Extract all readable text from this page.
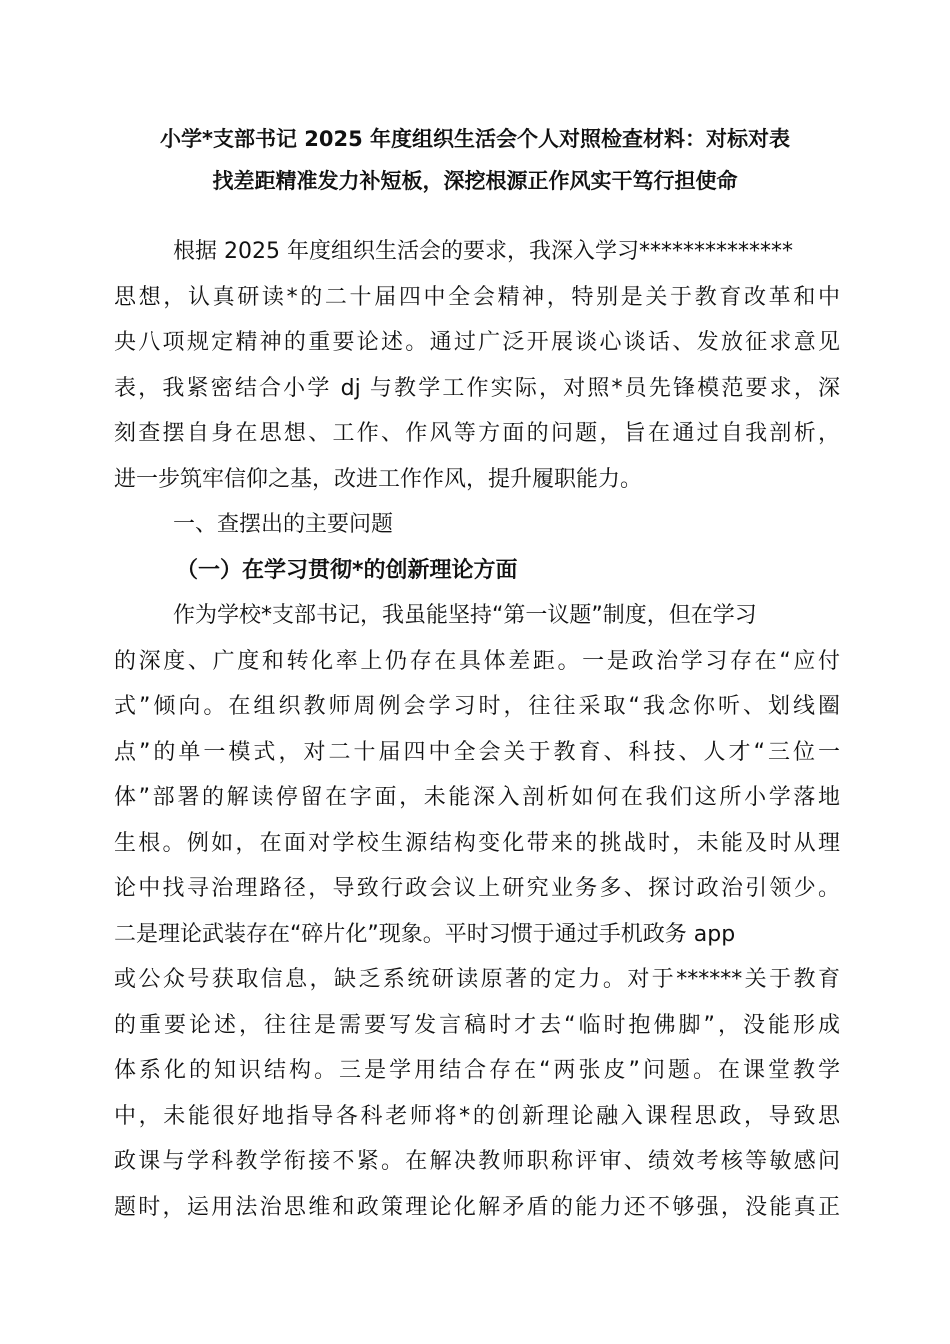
小学*支部书记 2025 年度组织生活会个人对照检查材料：对标对表
找差距精准发力补短板，深挖根源正作风实干笃行担使命
根据 2025 年度组织生活会的要求，我深入学习**************
思想，认真研读*的二十届四中全会精神，特别是关于教育改革和中
央八项规定精神的重要论述。通过广泛开展谈心谈话、发放征求意见
表，我紧密结合小学 dj 与教学工作实际，对照*员先锋模范要求，深
刻查摆自身在思想、工作、作风等方面的问题，旨在通过自我剖析，
进一步筑牢信仰之基，改进工作作风，提升履职能力。
一、查摆出的主要问题
（一）在学习贯彻*的创新理论方面
作为学校*支部书记，我虽能坚持“第一议题”制度，但在学习
的深度、广度和转化率上仍存在具体差距。一是政治学习存在“应付
式”倾向。在组织教师周例会学习时，往往采取“我念你听、划线圈
点”的单一模式，对二十届四中全会关于教育、科技、人才“三位一
体”部署的解读停留在字面，未能深入剖析如何在我们这所小学落地
生根。例如，在面对学校生源结构变化带来的挑战时，未能及时从理
论中找寻治理路径，导致行政会议上研究业务多、探讨政治引领少。
二是理论武装存在“碎片化”现象。平时习惯于通过手机政务 app
或公众号获取信息，缺乏系统研读原著的定力。对于******关于教育
的重要论述，往往是需要写发言稿时才去“临时抱佛脚”，没能形成
体系化的知识结构。三是学用结合存在“两张皮”问题。在课堂教学
中，未能很好地指导各科老师将*的创新理论融入课程思政，导致思
政课与学科教学衔接不紧。在解决教师职称评审、绩效考核等敏感问
题时，运用法治思维和政策理论化解矛盾的能力还不够强，没能真正
